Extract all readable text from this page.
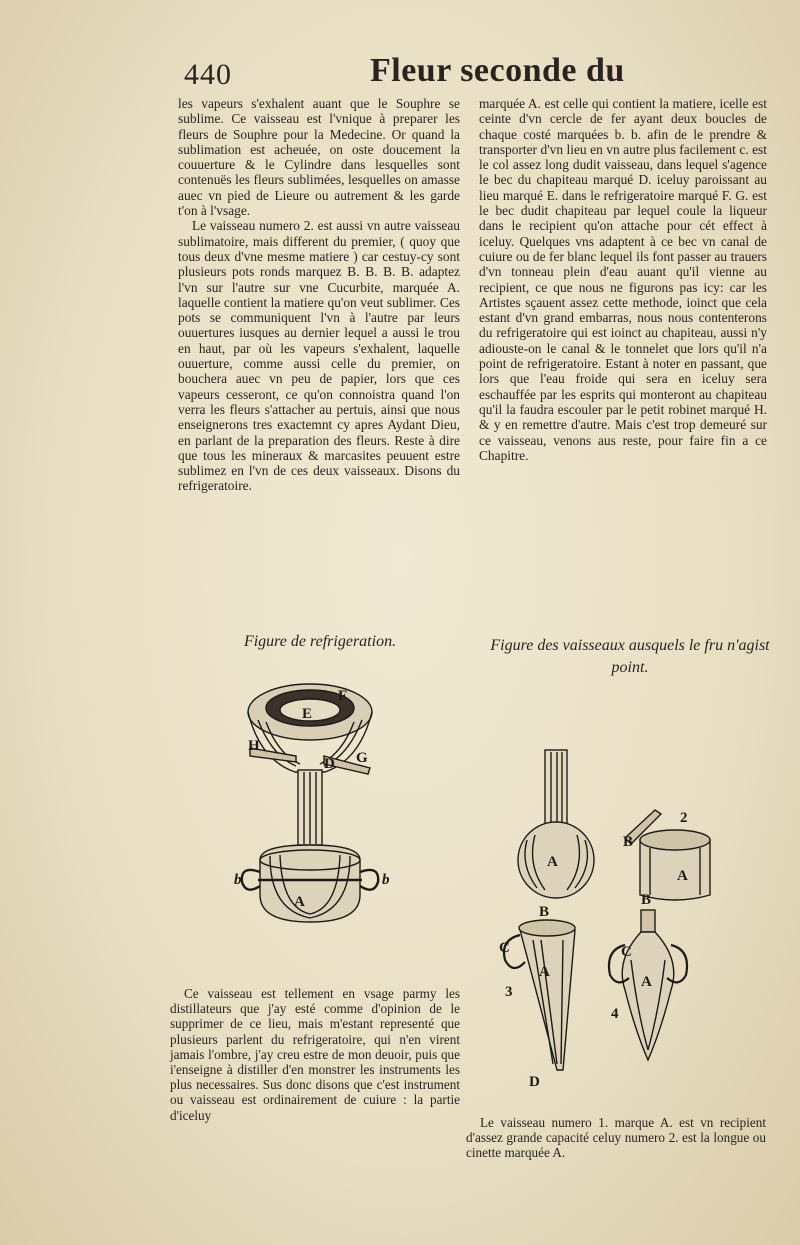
440	Fleur seconde du

les vapeurs s'exhalent auant que le Souphre se sublime. Ce vaisseau est l'vnique à preparer les fleurs de Souphre pour la Medecine. Or quand la sublimation est acheuée, on oste doucement la couuerture & le Cylindre dans lesquelles sont contenuës les fleurs sublimées, lesquelles on amasse auec vn pied de Lieure ou autrement & les garde t'on à l'vsage.

Le vaisseau numero 2. est aussi vn autre vaisseau sublimatoire, mais different du premier, ( quoy que tous deux d'vne mesme matiere ) car cestuy-cy sont plusieurs pots ronds marquez B. B. B. B. adaptez l'vn sur l'autre sur vne Cucurbite, marquée A. laquelle contient la matiere qu'on veut sublimer. Ces pots se communiquent l'vn à l'autre par leurs ouuertures iusques au dernier lequel a aussi le trou en haut, par où les vapeurs s'exhalent, laquelle ouuerture, comme aussi celle du premier, on bouchera auec vn peu de papier, lors que ces vapeurs cesseront, ce qu'on connoistra quand l'on verra les fleurs s'attacher au pertuis, ainsi que nous enseignerons tres exactemnt cy apres Aydant Dieu, en parlant de la preparation des fleurs. Reste à dire que tous les mineraux & marcasites peuuent estre sublimez en l'vn de ces deux vaisseaux. Disons du refrigeratoire.

marquée A. est celle qui contient la matiere, icelle est ceinte d'vn cercle de fer ayant deux boucles de chaque costé marquées b. b. afin de le prendre & transporter d'vn lieu en vn autre plus facilement c. est le col assez long dudit vaisseau, dans lequel s'agence le bec du chapiteau marqué D. iceluy paroissant au lieu marqué E. dans le refrigeratoire marqué F. G. est le bec dudit chapiteau par lequel coule la liqueur dans le recipient qu'on attache pour cét effect à iceluy. Quelques vns adaptent à ce bec vn canal de cuiure ou de fer blanc lequel ils font passer au trauers d'vn tonneau plein d'eau auant qu'il vienne au recipient, ce que nous ne figurons pas icy: car les Artistes sçauent assez cette methode, ioinct que cela estant d'vn grand embarras, nous nous contenterons du refrigeratoire qui est ioinct au chapiteau, aussi n'y adiouste-on le canal & le tonnelet que lors qu'il n'a point de refrigeratoire. Estant à noter en passant, que lors que l'eau froide qui sera en iceluy sera eschauffée par les esprits qui monteront au chapiteau qu'il la faudra escouler par le petit robinet marqué H. & y en remettre d'autre. Mais c'est trop demeuré sur ce vaisseau, venons aus reste, pour faire fin a ce Chapitre.

Figure de refrigeration.	Figure des vaisseaux ausquels le fru n'agist point.
E
F
H
G
D
b
A
b
A
B
A
2
B
C
A
3
D
B
C
A
4

Ce vaisseau est tellement en vsage parmy les distillateurs que j'ay esté comme d'opinion de le supprimer de ce lieu, mais m'estant representé que plusieurs parlent du refrigeratoire, qui n'en virent jamais l'ombre, j'ay creu estre de mon deuoir, puis que i'enseigne à distiller d'en monstrer les instruments les plus necessaires. Sus donc disons que c'est instrument ou vaisseau est ordinairement de cuiure : la partie d'iceluy	Le vaisseau numero 1. marque A. est vn recipient d'assez grande capacité celuy numero 2. est la longue ou cinette marquée A.
